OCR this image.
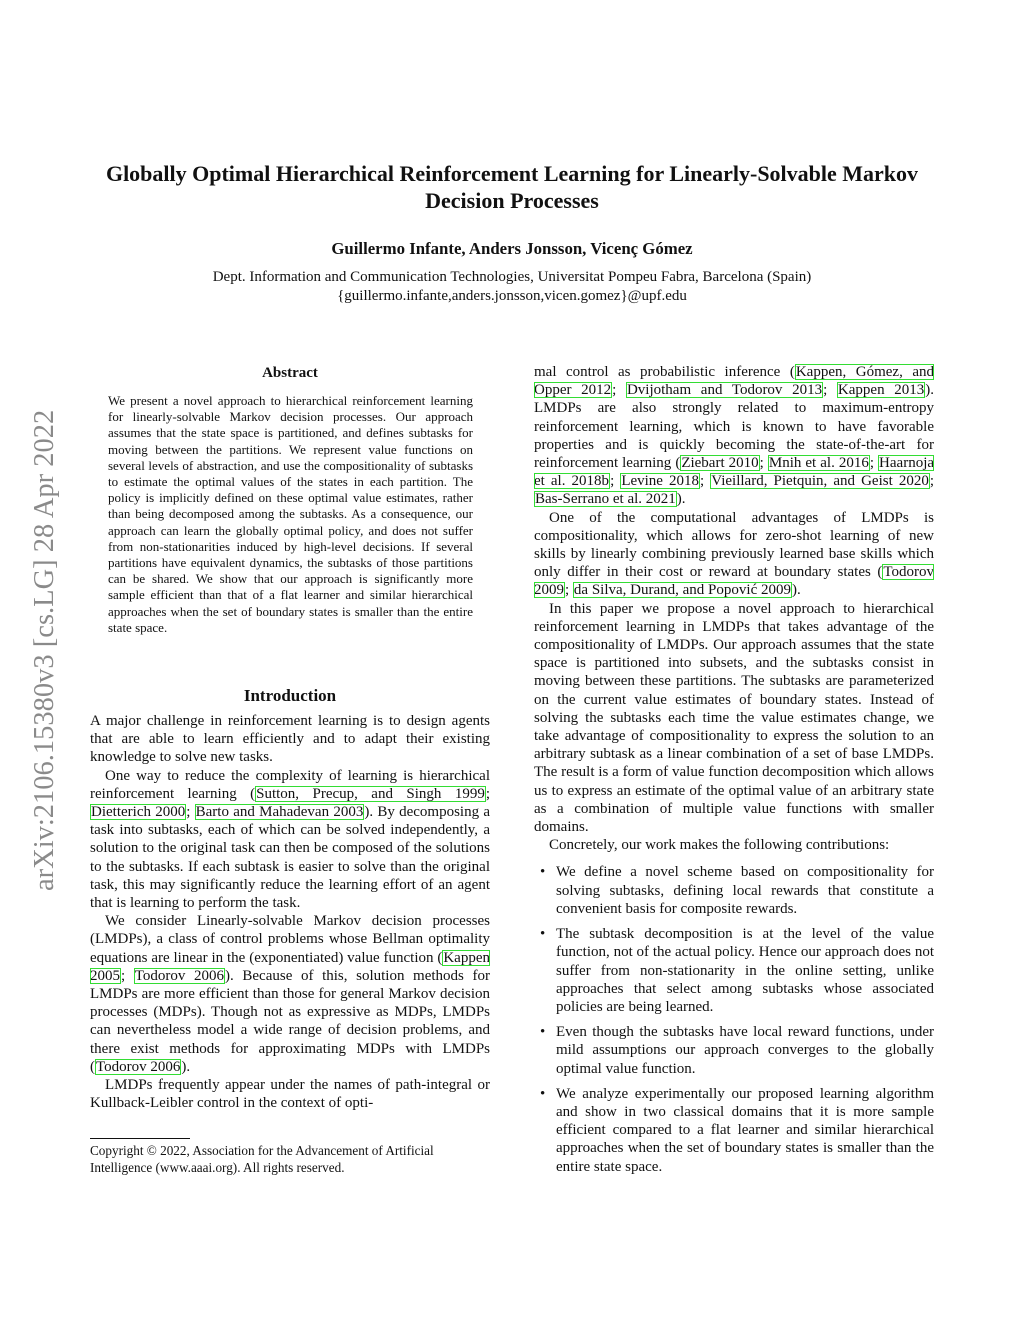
arXiv:2106.15380v3 [cs.LG] 28 Apr 2022
Globally Optimal Hierarchical Reinforcement Learning for Linearly-Solvable Markov Decision Processes
Guillermo Infante, Anders Jonsson, Vicenç Gómez
Dept. Information and Communication Technologies, Universitat Pompeu Fabra, Barcelona (Spain)
{guillermo.infante,anders.jonsson,vicen.gomez}@upf.edu
Abstract

We present a novel approach to hierarchical reinforcement learning for linearly-solvable Markov decision processes. Our approach assumes that the state space is partitioned, and defines subtasks for moving between the partitions. We represent value functions on several levels of abstraction, and use the compositionality of subtasks to estimate the optimal values of the states in each partition. The policy is implicitly defined on these optimal value estimates, rather than being decomposed among the subtasks. As a consequence, our approach can learn the globally optimal policy, and does not suffer from non-stationarities induced by high-level decisions. If several partitions have equivalent dynamics, the subtasks of those partitions can be shared. We show that our approach is significantly more sample efficient than that of a flat learner and similar hierarchical approaches when the set of boundary states is smaller than the entire state space.

Introduction

A major challenge in reinforcement learning is to design agents that are able to learn efficiently and to adapt their existing knowledge to solve new tasks.

One way to reduce the complexity of learning is hierarchical reinforcement learning (Sutton, Precup, and Singh 1999; Dietterich 2000; Barto and Mahadevan 2003). By decomposing a task into subtasks, each of which can be solved independently, a solution to the original task can then be composed of the solutions to the subtasks. If each subtask is easier to solve than the original task, this may significantly reduce the learning effort of an agent that is learning to perform the task.

We consider Linearly-solvable Markov decision processes (LMDPs), a class of control problems whose Bellman optimality equations are linear in the (exponentiated) value function (Kappen 2005; Todorov 2006). Because of this, solution methods for LMDPs are more efficient than those for general Markov decision processes (MDPs). Though not as expressive as MDPs, LMDPs can nevertheless model a wide range of decision problems, and there exist methods for approximating MDPs with LMDPs (Todorov 2006).

LMDPs frequently appear under the names of path-integral or Kullback-Leibler control in the context of opti-

Copyright © 2022, Association for the Advancement of Artificial Intelligence (www.aaai.org). All rights reserved.

mal control as probabilistic inference (Kappen, Gómez, and Opper 2012; Dvijotham and Todorov 2013; Kappen 2013). LMDPs are also strongly related to maximum-entropy reinforcement learning, which is known to have favorable properties and is quickly becoming the state-of-the-art for reinforcement learning (Ziebart 2010; Mnih et al. 2016; Haarnoja et al. 2018b; Levine 2018; Vieillard, Pietquin, and Geist 2020; Bas-Serrano et al. 2021).

One of the computational advantages of LMDPs is compositionality, which allows for zero-shot learning of new skills by linearly combining previously learned base skills which only differ in their cost or reward at boundary states (Todorov 2009; da Silva, Durand, and Popović 2009).

In this paper we propose a novel approach to hierarchical reinforcement learning in LMDPs that takes advantage of the compositionality of LMDPs. Our approach assumes that the state space is partitioned into subsets, and the subtasks consist in moving between these partitions. The subtasks are parameterized on the current value estimates of boundary states. Instead of solving the subtasks each time the value estimates change, we take advantage of compositionality to express the solution to an arbitrary subtask as a linear combination of a set of base LMDPs. The result is a form of value function decomposition which allows us to express an estimate of the optimal value of an arbitrary state as a combination of multiple value functions with smaller domains.

Concretely, our work makes the following contributions:

• We define a novel scheme based on compositionality for solving subtasks, defining local rewards that constitute a convenient basis for composite rewards.
• The subtask decomposition is at the level of the value function, not of the actual policy. Hence our approach does not suffer from non-stationarity in the online setting, unlike approaches that select among subtasks whose associated policies are being learned.
• Even though the subtasks have local reward functions, under mild assumptions our approach converges to the globally optimal value function.
• We analyze experimentally our proposed learning algorithm and show in two classical domains that it is more sample efficient compared to a flat learner and similar hierarchical approaches when the set of boundary states is smaller than the entire state space.
